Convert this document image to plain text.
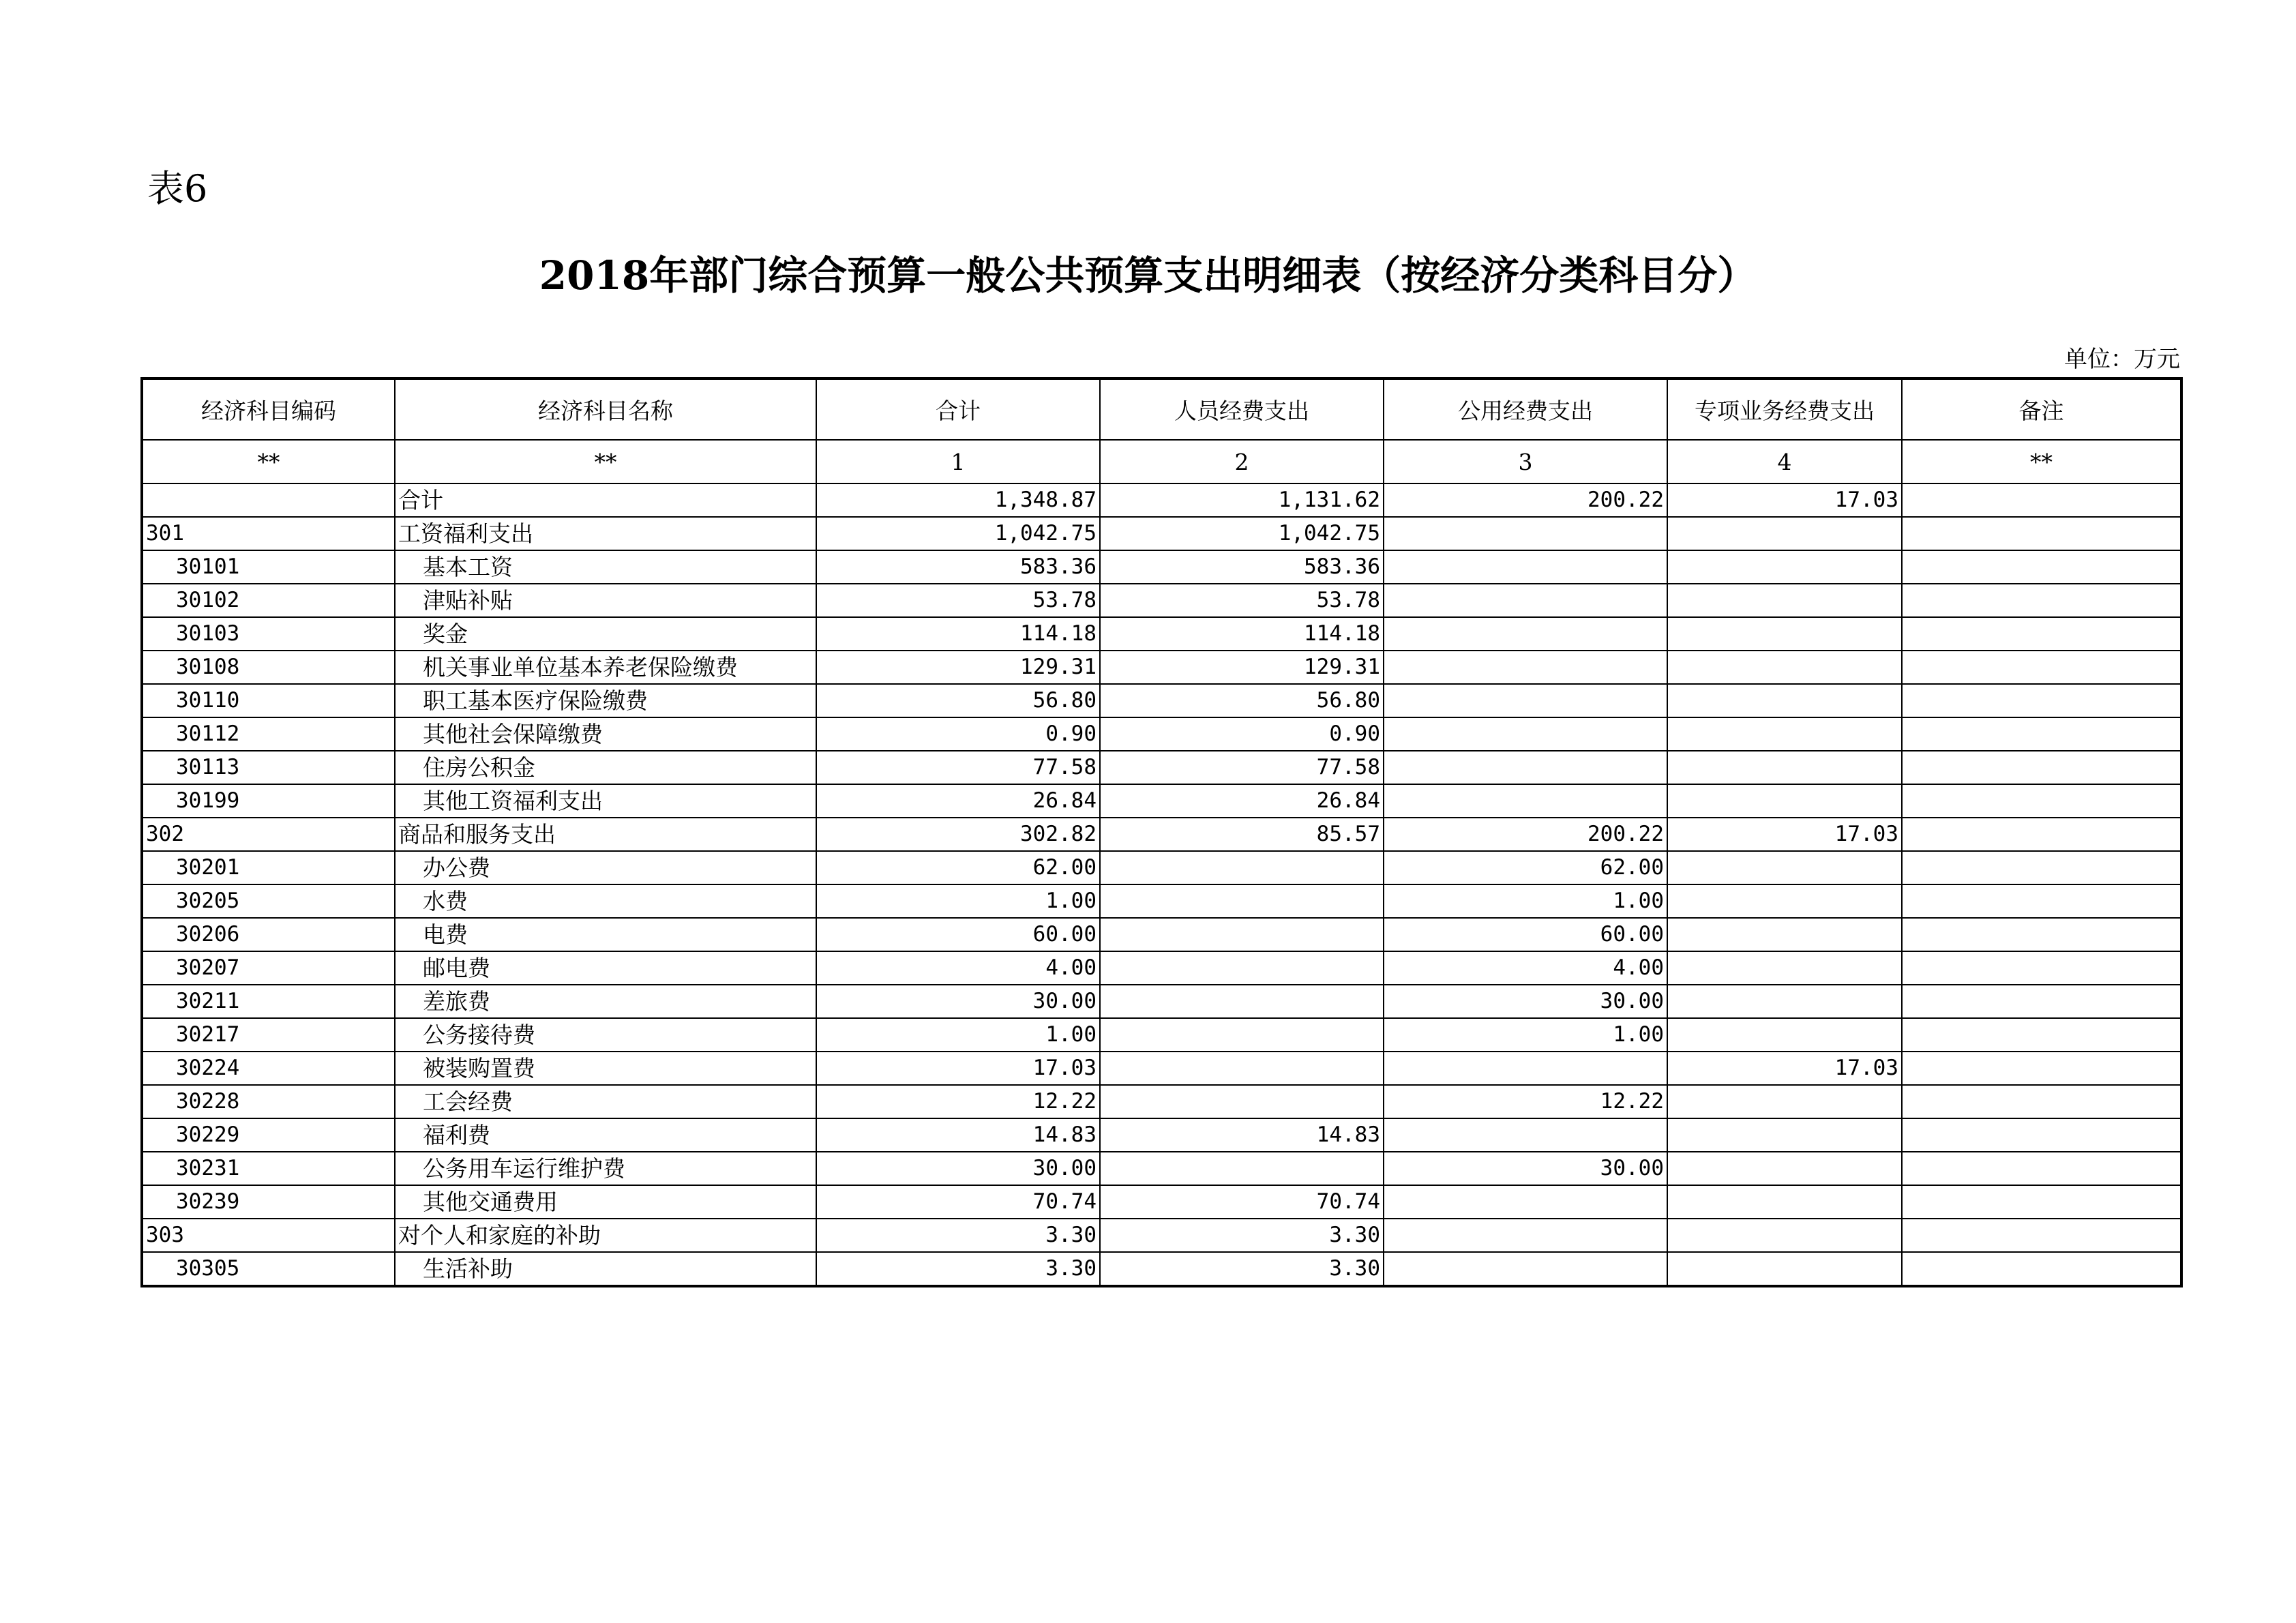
表6
2018年部门综合预算一般公共预算支出明细表（按经济分类科目分）
单位：万元
经济科目编码	经济科目名称	合计	人员经费支出	公用经费支出	专项业务经费支出	备注
**	**	1	2	3	4	**
	合计	1,348.87	1,131.62	200.22	17.03	
301	工资福利支出	1,042.75	1,042.75			
30101	基本工资	583.36	583.36			
30102	津贴补贴	53.78	53.78			
30103	奖金	114.18	114.18			
30108	机关事业单位基本养老保险缴费	129.31	129.31			
30110	职工基本医疗保险缴费	56.80	56.80			
30112	其他社会保障缴费	0.90	0.90			
30113	住房公积金	77.58	77.58			
30199	其他工资福利支出	26.84	26.84			
302	商品和服务支出	302.82	85.57	200.22	17.03	
30201	办公费	62.00		62.00		
30205	水费	1.00		1.00		
30206	电费	60.00		60.00		
30207	邮电费	4.00		4.00		
30211	差旅费	30.00		30.00		
30217	公务接待费	1.00		1.00		
30224	被装购置费	17.03			17.03	
30228	工会经费	12.22		12.22		
30229	福利费	14.83	14.83			
30231	公务用车运行维护费	30.00		30.00		
30239	其他交通费用	70.74	70.74			
303	对个人和家庭的补助	3.30	3.30			
30305	生活补助	3.30	3.30			
